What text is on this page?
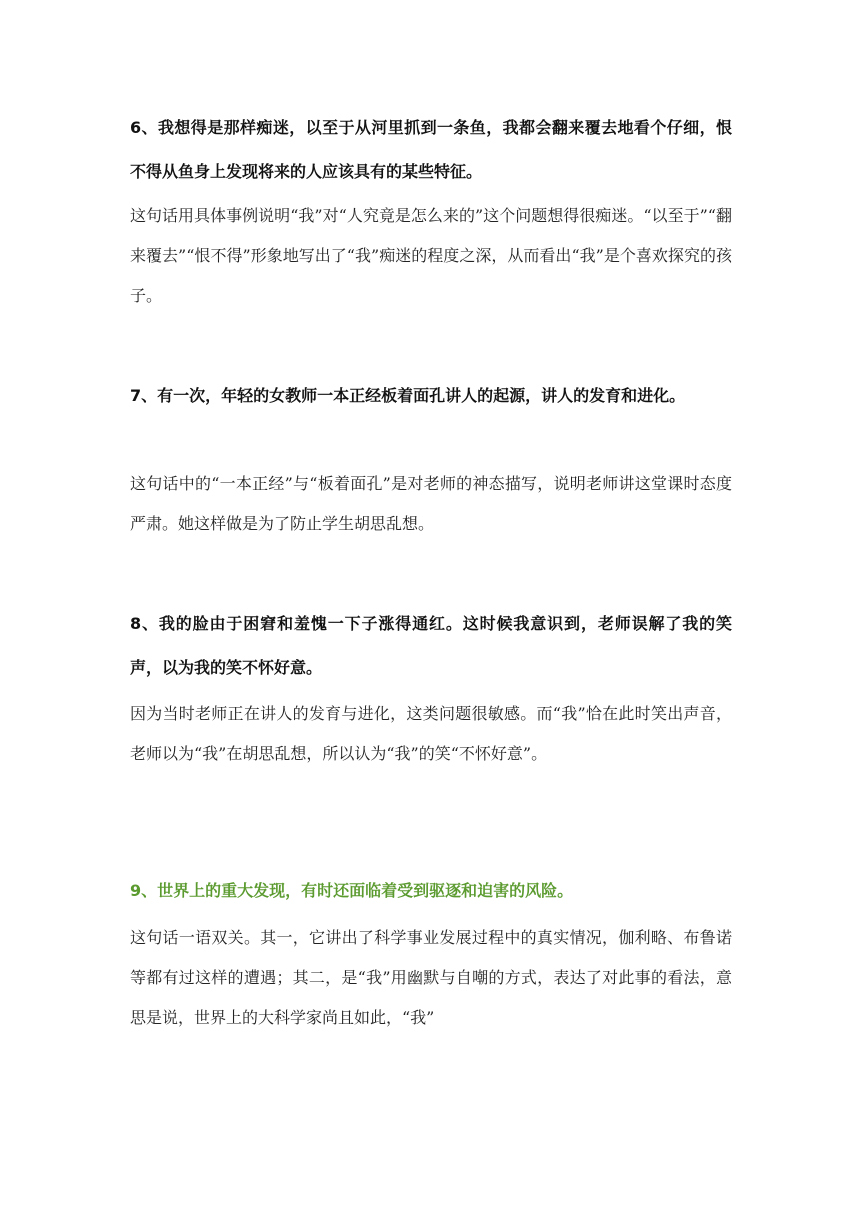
6、我想得是那样痴迷，以至于从河里抓到一条鱼，我都会翻来覆去地看个仔细，恨不得从鱼身上发现将来的人应该具有的某些特征。
这句话用具体事例说明“我”对“人究竟是怎么来的”这个问题想得很痴迷。“以至于”“翻来覆去”“恨不得”形象地写出了“我”痴迷的程度之深，从而看出“我”是个喜欢探究的孩子。
7、有一次，年轻的女教师一本正经板着面孔讲人的起源，讲人的发育和进化。
这句话中的“一本正经”与“板着面孔”是对老师的神态描写，说明老师讲这堂课时态度严肃。她这样做是为了防止学生胡思乱想。
8、我的脸由于困窘和羞愧一下子涨得通红。这时候我意识到，老师误解了我的笑声，以为我的笑不怀好意。
因为当时老师正在讲人的发育与进化，这类问题很敏感。而“我”恰在此时笑出声音，老师以为“我”在胡思乱想，所以认为“我”的笑“不怀好意”。
9、世界上的重大发现，有时还面临着受到驱逐和迫害的风险。
这句话一语双关。其一，它讲出了科学事业发展过程中的真实情况，伽利略、布鲁诺等都有过这样的遭遇；其二，是“我”用幽默与自嘲的方式，表达了对此事的看法，意思是说，世界上的大科学家尚且如此，“我”
